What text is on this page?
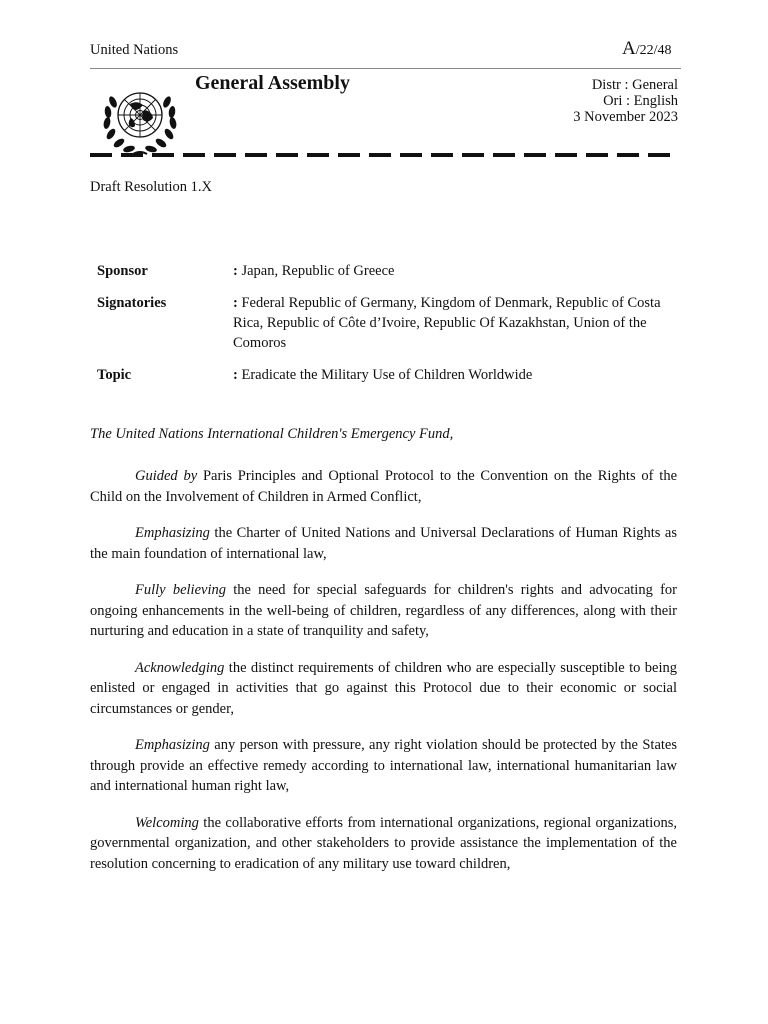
United Nations	A/22/48
General Assembly	Distr : General
Ori : English
3 November 2023
Draft Resolution 1.X
Sponsor	: Japan, Republic of Greece
Signatories	: Federal Republic of Germany, Kingdom of Denmark, Republic of Costa Rica, Republic of Côte d’Ivoire, Republic Of Kazakhstan, Union of the Comoros
Topic	: Eradicate the Military Use of Children Worldwide
The United Nations International Children's Emergency Fund,

Guided by Paris Principles and Optional Protocol to the Convention on the Rights of the Child on the Involvement of Children in Armed Conflict,

Emphasizing the Charter of United Nations and Universal Declarations of Human Rights as the main foundation of international law,

Fully believing the need for special safeguards for children's rights and advocating for ongoing enhancements in the well-being of children, regardless of any differences, along with their nurturing and education in a state of tranquility and safety,

Acknowledging the distinct requirements of children who are especially susceptible to being enlisted or engaged in activities that go against this Protocol due to their economic or social circumstances or gender,

Emphasizing any person with pressure, any right violation should be protected by the States through provide an effective remedy according to international law, international humanitarian law and international human right law,

Welcoming the collaborative efforts from international organizations, regional organizations, governmental organization, and other stakeholders to provide assistance the implementation of the resolution concerning to eradication of any military use toward children,
